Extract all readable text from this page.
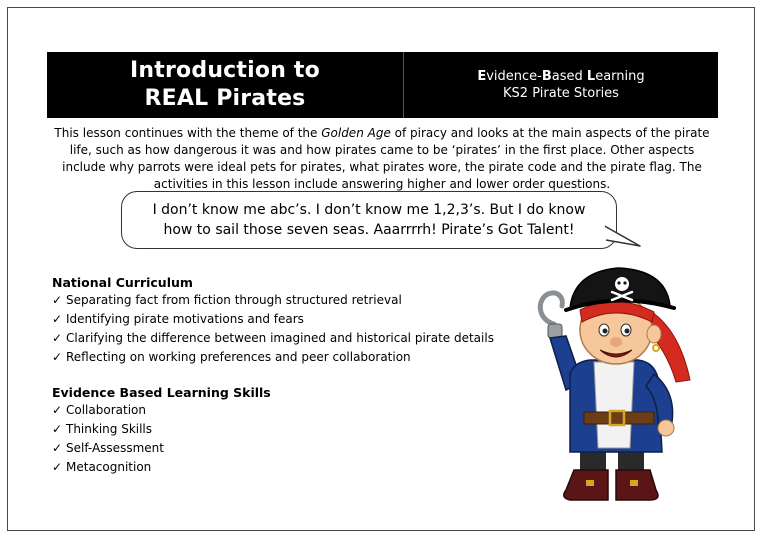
Introduction to
REAL Pirates
Evidence-Based Learning
KS2 Pirate Stories
This lesson continues with the theme of the Golden Age of piracy and looks at the main aspects of the pirate life, such as how dangerous it was and how pirates came to be ‘pirates’ in the first place. Other aspects include why parrots were ideal pets for pirates, what pirates wore, the pirate code and the pirate flag. The activities in this lesson include answering higher and lower order questions.
I don’t know me abc’s. I don’t know me 1,2,3’s. But I do know
how to sail those seven seas. Aaarrrrh! Pirate’s Got Talent!
National Curriculum
✓ Separating fact from fiction through structured retrieval
✓ Identifying pirate motivations and fears
✓ Clarifying the difference between imagined and historical pirate details
✓ Reflecting on working preferences and peer collaboration
Evidence Based Learning Skills
✓ Collaboration
✓ Thinking Skills
✓ Self-Assessment
✓ Metacognition
